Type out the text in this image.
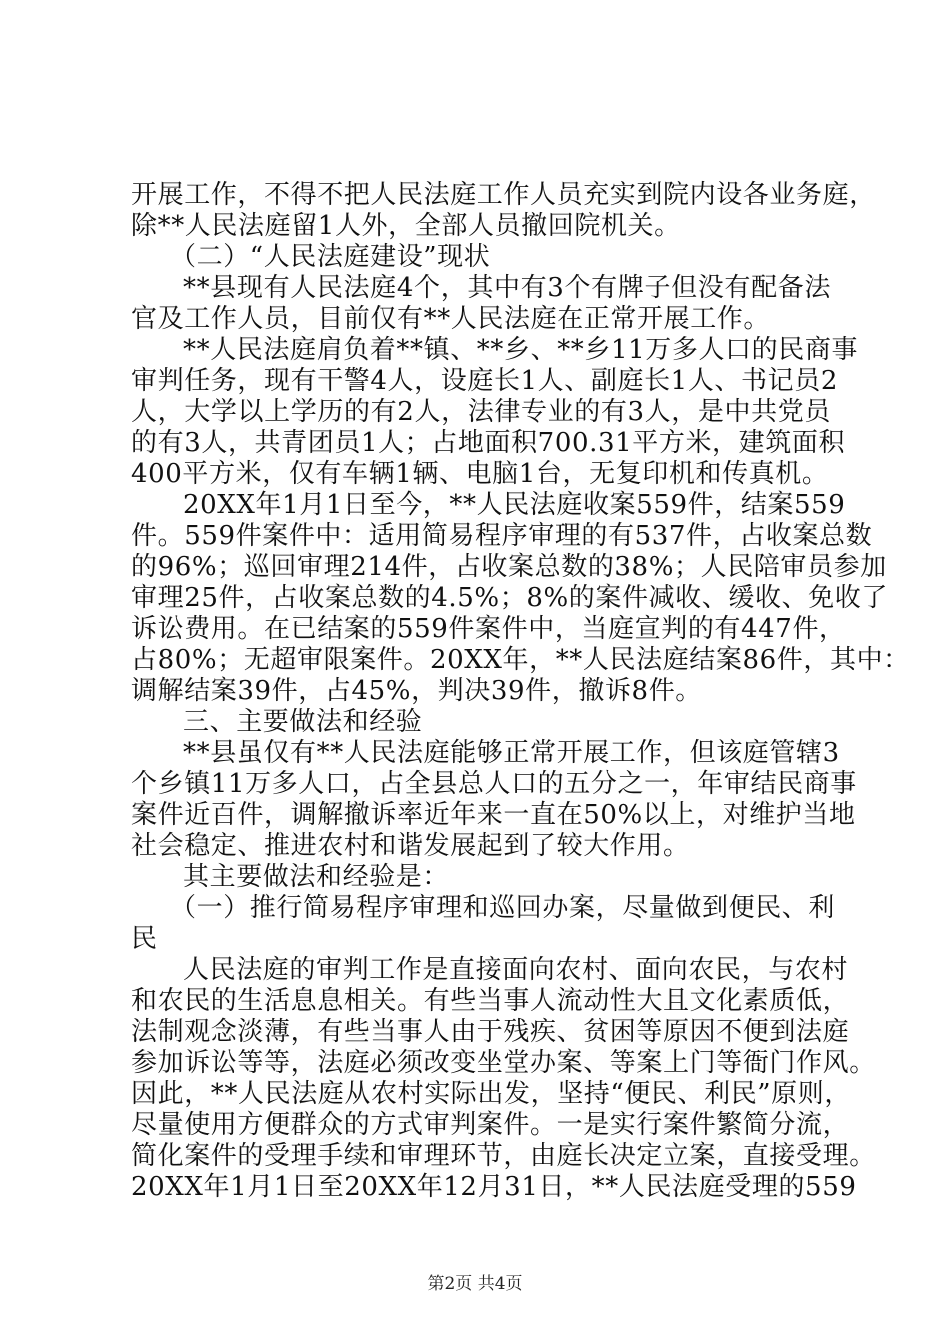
开展工作，不得不把人民法庭工作人员充实到院内设各业务庭，
除**人民法庭留1人外，全部人员撤回院机关。
（二）“人民法庭建设”现状
**县现有人民法庭4个，其中有3个有牌子但没有配备法
官及工作人员，目前仅有**人民法庭在正常开展工作。
**人民法庭肩负着**镇、**乡、**乡11万多人口的民商事
审判任务，现有干警4人，设庭长1人、副庭长1人、书记员2
人，大学以上学历的有2人，法律专业的有3人，是中共党员
的有3人，共青团员1人；占地面积700.31平方米，建筑面积
400平方米，仅有车辆1辆、电脑1台，无复印机和传真机。
20XX年1月1日至今，**人民法庭收案559件，结案559
件。559件案件中：适用简易程序审理的有537件，占收案总数
的96%；巡回审理214件，占收案总数的38%；人民陪审员参加
审理25件，占收案总数的4.5%；8%的案件减收、缓收、免收了
诉讼费用。在已结案的559件案件中，当庭宣判的有447件，
占80%；无超审限案件。20XX年，**人民法庭结案86件，其中：
调解结案39件，占45%，判决39件，撤诉8件。
三、主要做法和经验
**县虽仅有**人民法庭能够正常开展工作，但该庭管辖3
个乡镇11万多人口，占全县总人口的五分之一，年审结民商事
案件近百件，调解撤诉率近年来一直在50%以上，对维护当地
社会稳定、推进农村和谐发展起到了较大作用。
其主要做法和经验是：
（一）推行简易程序审理和巡回办案，尽量做到便民、利
民
人民法庭的审判工作是直接面向农村、面向农民，与农村
和农民的生活息息相关。有些当事人流动性大且文化素质低，
法制观念淡薄，有些当事人由于残疾、贫困等原因不便到法庭
参加诉讼等等，法庭必须改变坐堂办案、等案上门等衙门作风。
因此，**人民法庭从农村实际出发，坚持“便民、利民”原则，
尽量使用方便群众的方式审判案件。一是实行案件繁简分流，
简化案件的受理手续和审理环节，由庭长决定立案，直接受理。
20XX年1月1日至20XX年12月31日，**人民法庭受理的559
第2页 共4页
